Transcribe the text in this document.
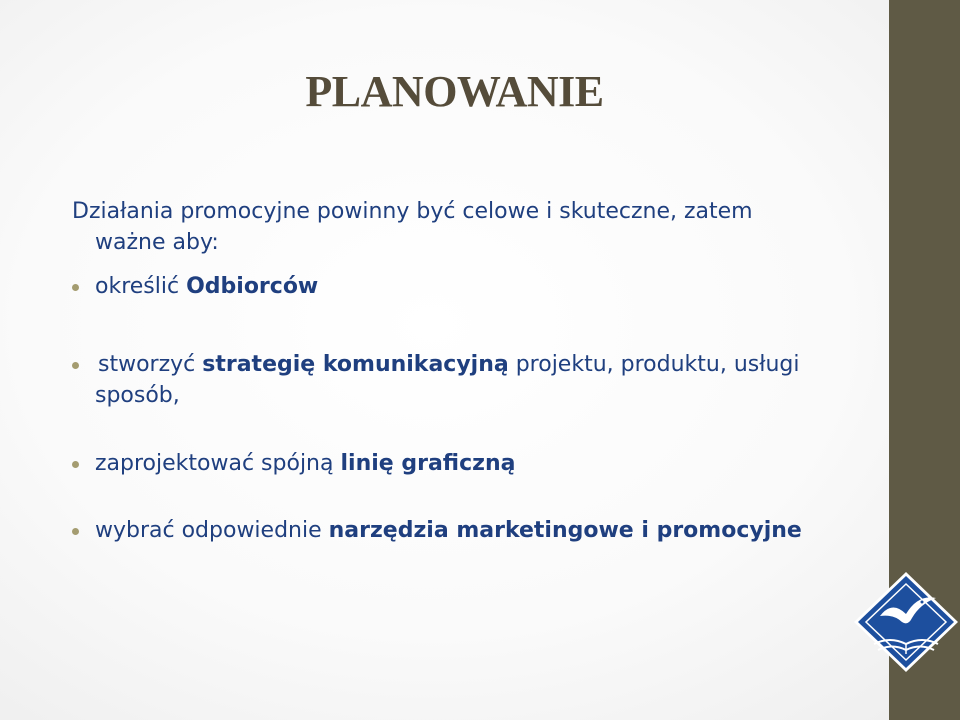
PLANOWANIE

Działania promocyjne powinny być celowe i skuteczne, zatem
ważne aby:

określić Odbiorców

stworzyć strategię komunikacyjną projektu, produktu, usługi
sposób,

zaprojektować spójną linię graficzną

wybrać odpowiednie narzędzia marketingowe i promocyjne
